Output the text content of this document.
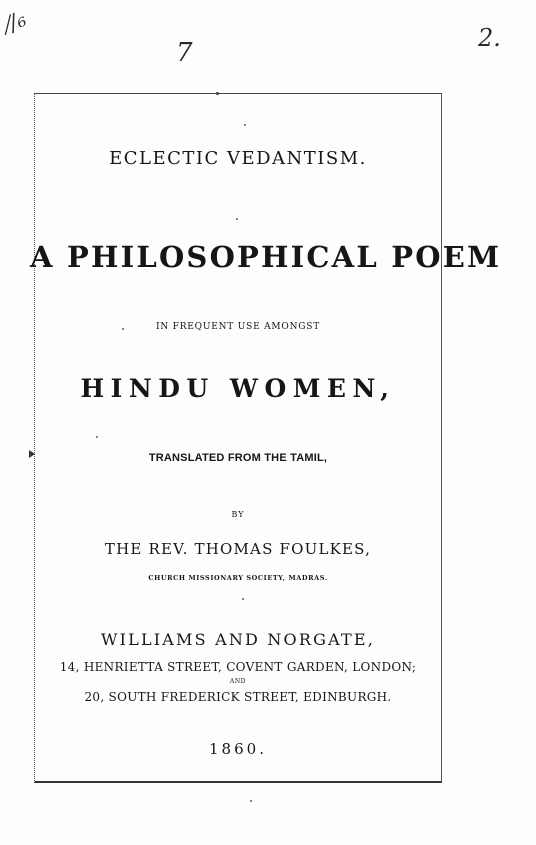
⁄/₆
7	2.

ECLECTIC VEDANTISM.

A PHILOSOPHICAL POEM

IN FREQUENT USE AMONGST

HINDU WOMEN,

TRANSLATED FROM THE TAMIL,

BY

THE REV. THOMAS FOULKES,

CHURCH MISSIONARY SOCIETY, MADRAS.

WILLIAMS AND NORGATE,

14, HENRIETTA STREET, COVENT GARDEN, LONDON;

AND

20, SOUTH FREDERICK STREET, EDINBURGH.

1860.
